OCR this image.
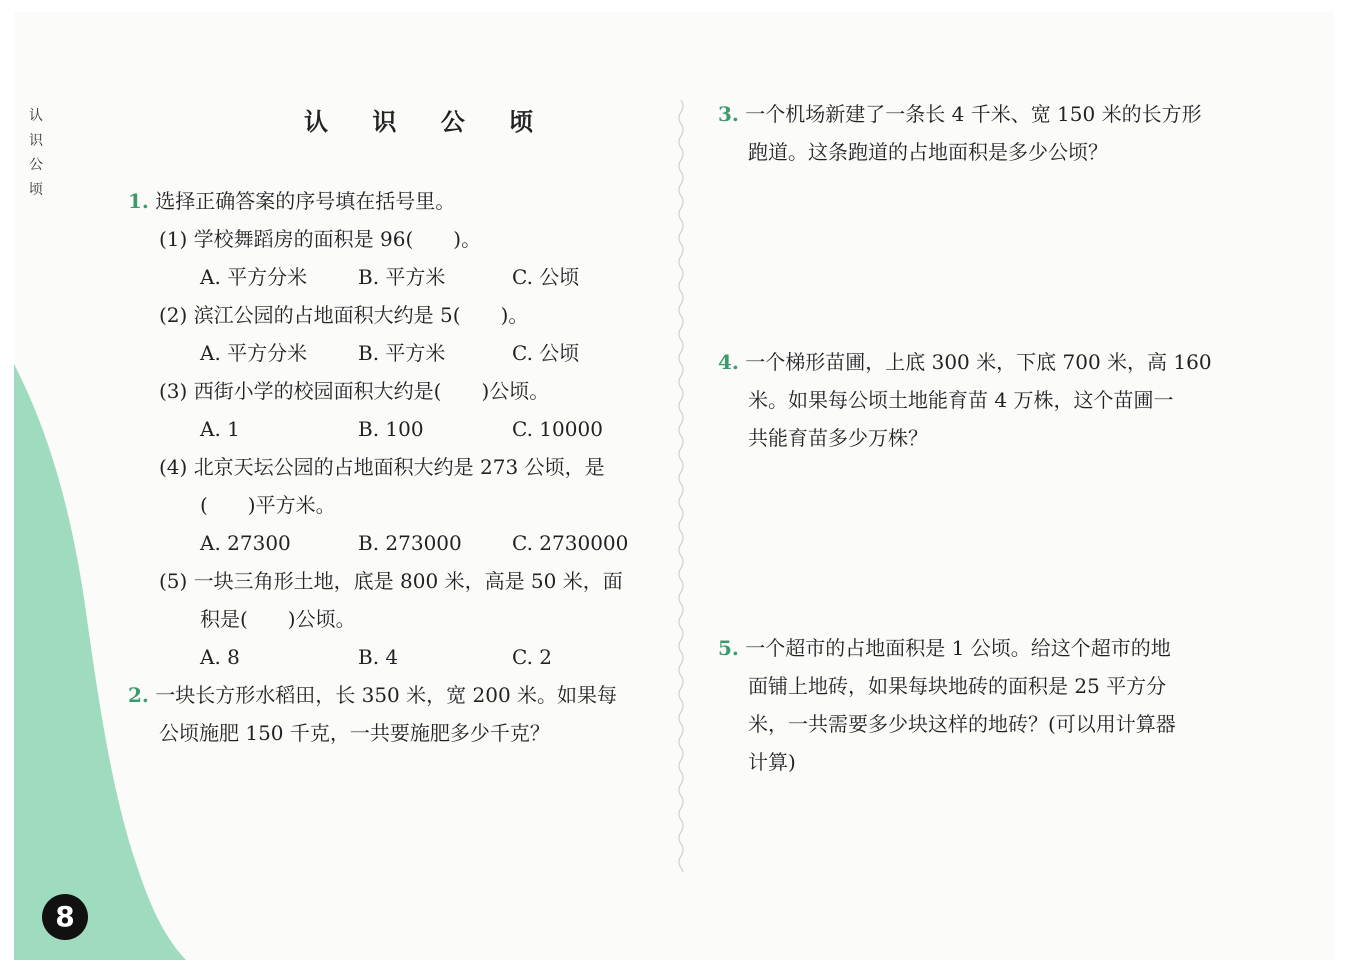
认
识
公
顷
认 识 公 顷
1. 选择正确答案的序号填在括号里。
(1) 学校舞蹈房的面积是 96(　　)。
A. 平方分米	B. 平方米	C. 公顷
(2) 滨江公园的占地面积大约是 5(　　)。
A. 平方分米	B. 平方米	C. 公顷
(3) 西街小学的校园面积大约是(　　)公顷。
A. 1	B. 100	C. 10000
(4) 北京天坛公园的占地面积大约是 273 公顷，是
(　　)平方米。
A. 27300	B. 273000	C. 2730000
(5) 一块三角形土地，底是 800 米，高是 50 米，面
积是(　　)公顷。
A. 8	B. 4	C. 2
2. 一块长方形水稻田，长 350 米，宽 200 米。如果每
公顷施肥 150 千克，一共要施肥多少千克？
3. 一个机场新建了一条长 4 千米、宽 150 米的长方形
跑道。这条跑道的占地面积是多少公顷？
4. 一个梯形苗圃，上底 300 米，下底 700 米，高 160
米。如果每公顷土地能育苗 4 万株，这个苗圃一
共能育苗多少万株？
5. 一个超市的占地面积是 1 公顷。给这个超市的地
面铺上地砖，如果每块地砖的面积是 25 平方分
米，一共需要多少块这样的地砖？(可以用计算器
计算)
8
